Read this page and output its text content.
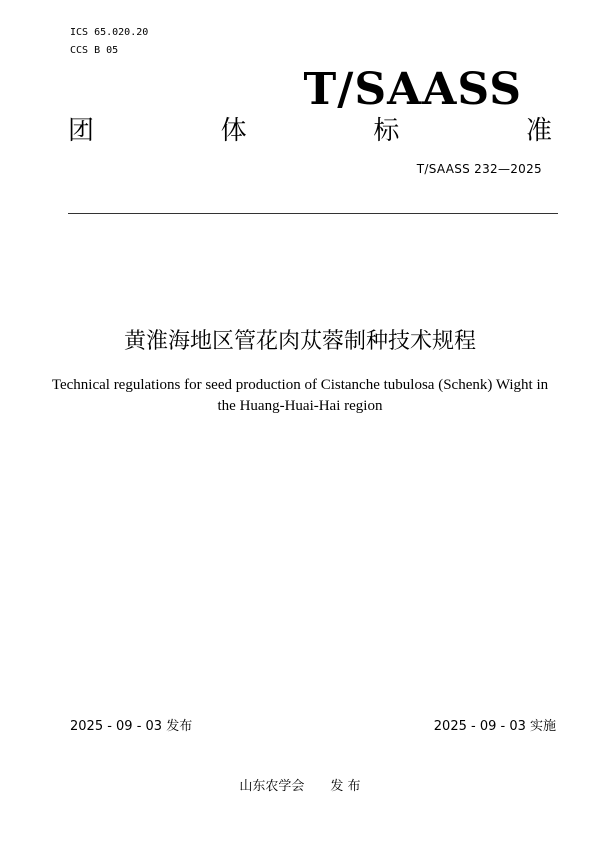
ICS 65.020.20
CCS B 05
T/SAASS
团	体	标	准
T/SAASS 232—2025
黄淮海地区管花肉苁蓉制种技术规程
Technical regulations for seed production of Cistanche tubulosa (Schenk) Wight in
the Huang-Huai-Hai region
2025 - 09 - 03 发布	2025 - 09 - 03 实施
山东农学会　　发 布
